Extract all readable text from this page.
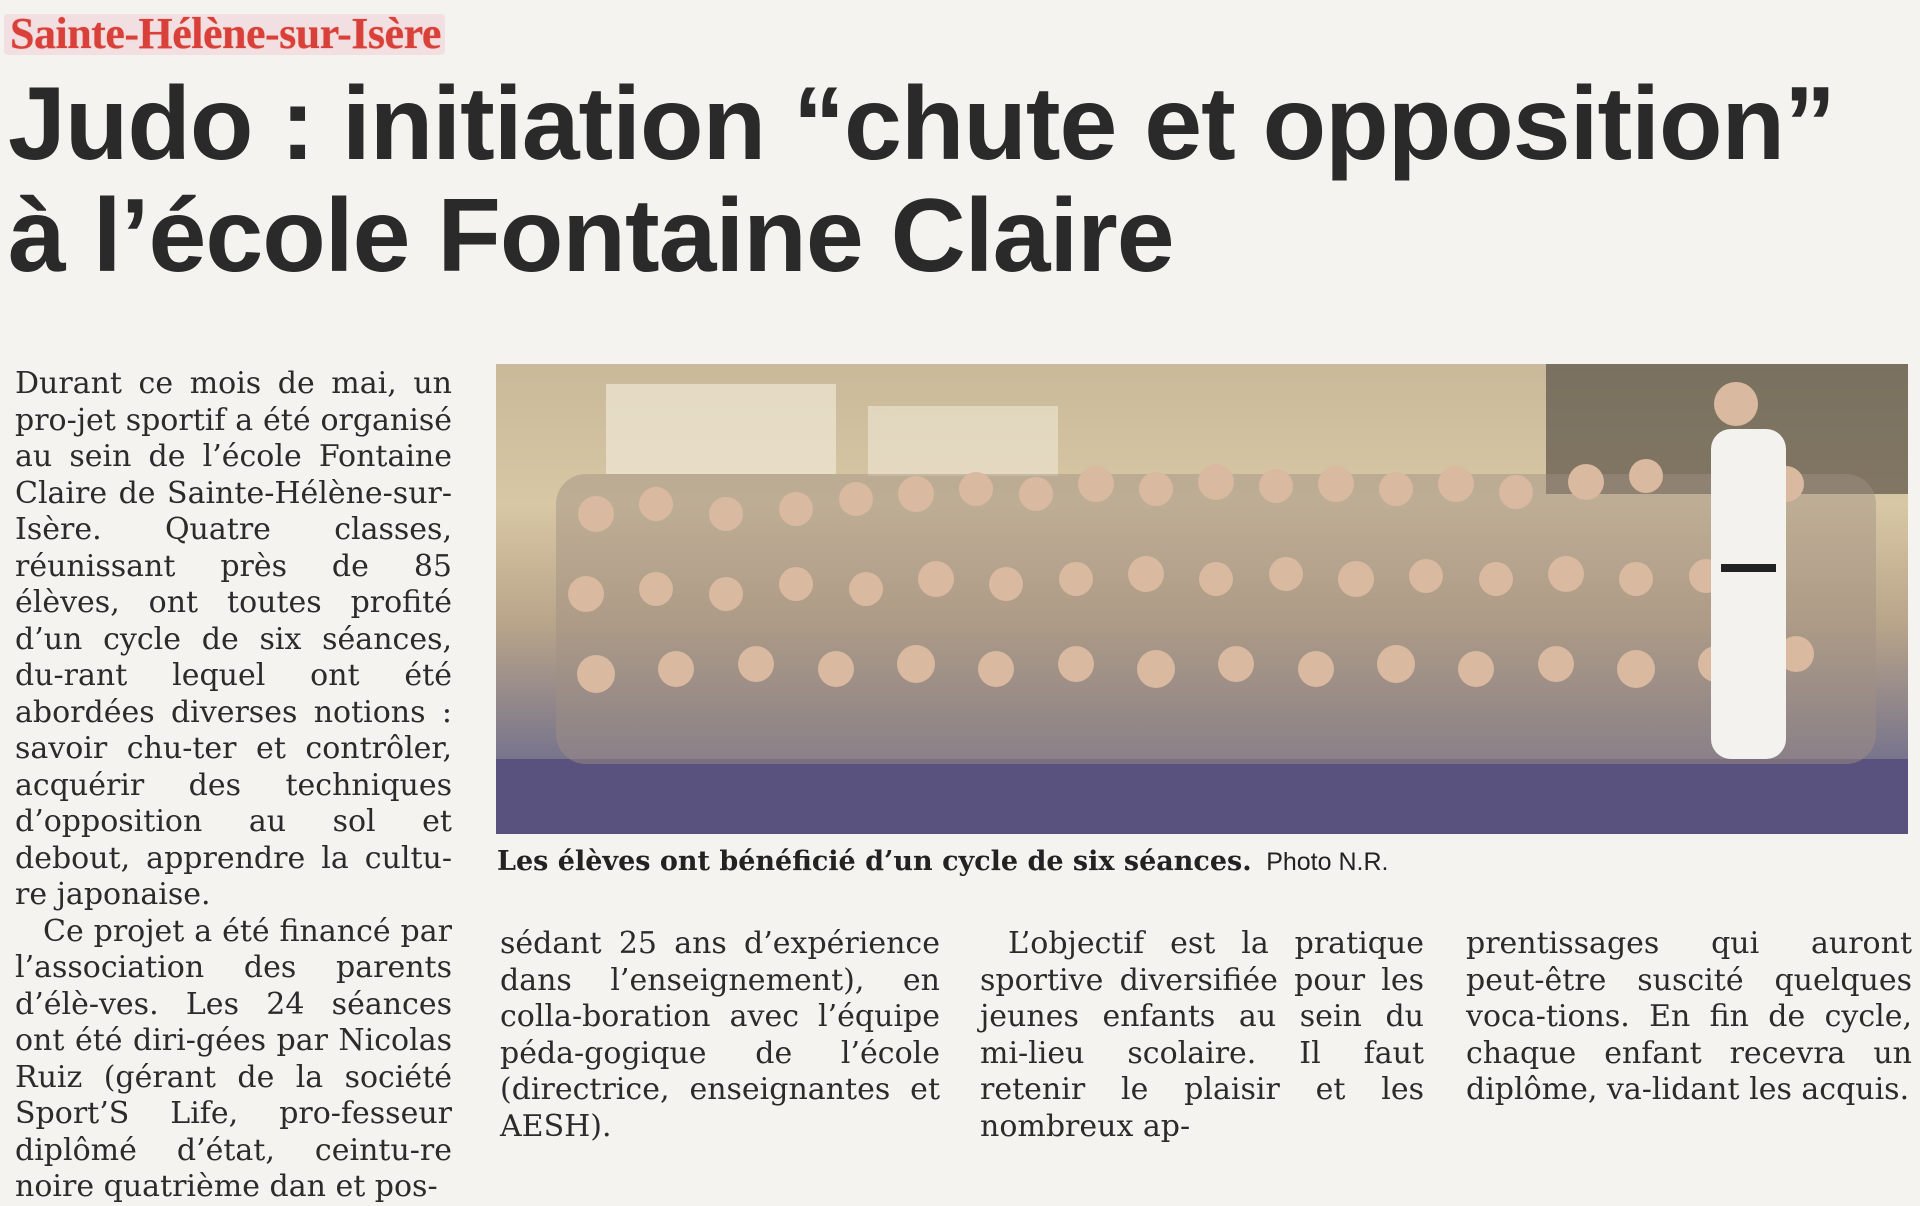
Sainte-Hélène-sur-Isère
Judo : initiation “chute et opposition”
à l’école Fontaine Claire

Durant ce mois de mai, un pro-jet sportif a été organisé au sein de l’école Fontaine Claire de Sainte-Hélène-sur-Isère. Quatre classes, réunissant près de 85 élèves, ont toutes profité d’un cycle de six séances, du-rant lequel ont été abordées diverses notions : savoir chu-ter et contrôler, acquérir des techniques d’opposition au sol et debout, apprendre la cultu-re japonaise.

Ce projet a été financé par l’association des parents d’élè-ves. Les 24 séances ont été diri-gées par Nicolas Ruiz (gérant de la société Sport’S Life, pro-fesseur diplômé d’état, ceintu-re noire quatrième dan et pos-

Les élèves ont bénéficié d’un cycle de six séances. Photo N.R.

sédant 25 ans d’expérience dans l’enseignement), en colla-boration avec l’équipe péda-gogique de l’école (directrice, enseignantes et AESH).

L’objectif est la pratique sportive diversifiée pour les jeunes enfants au sein du mi-lieu scolaire. Il faut retenir le plaisir et les nombreux ap-

prentissages qui auront peut-être suscité quelques voca-tions. En fin de cycle, chaque enfant recevra un diplôme, va-lidant les acquis.
